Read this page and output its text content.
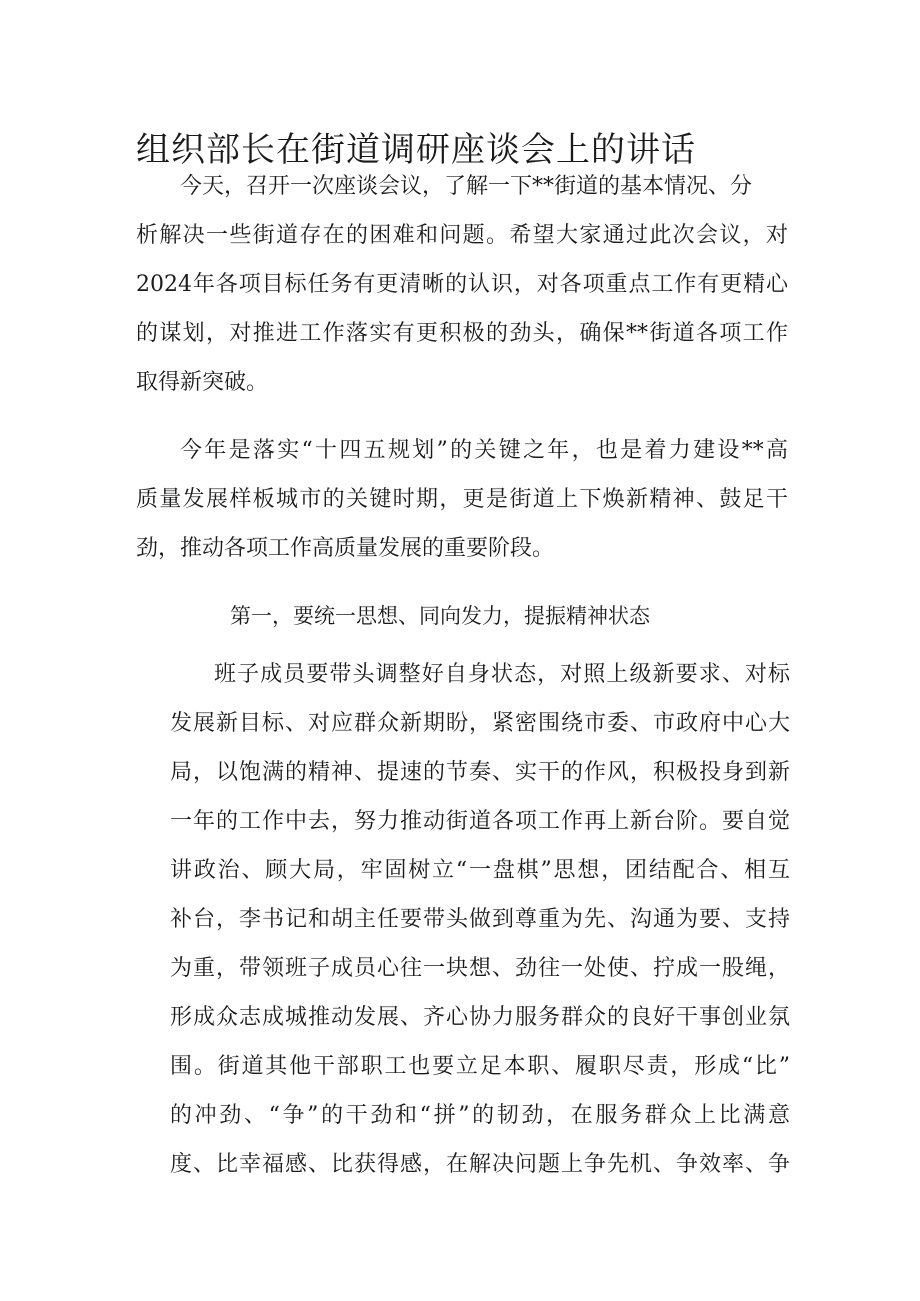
组织部长在街道调研座谈会上的讲话

今天，召开一次座谈会议，了解一下**街道的基本情况、分

析解决一些街道存在的困难和问题。希望大家通过此次会议，对

2024年各项目标任务有更清晰的认识，对各项重点工作有更精心

的谋划，对推进工作落实有更积极的劲头，确保**街道各项工作

取得新突破。

今年是落实“十四五规划”的关键之年，也是着力建设**高

质量发展样板城市的关键时期，更是街道上下焕新精神、鼓足干

劲，推动各项工作高质量发展的重要阶段。

第一，要统一思想、同向发力，提振精神状态

班子成员要带头调整好自身状态，对照上级新要求、对标

发展新目标、对应群众新期盼，紧密围绕市委、市政府中心大

局，以饱满的精神、提速的节奏、实干的作风，积极投身到新

一年的工作中去，努力推动街道各项工作再上新台阶。要自觉

讲政治、顾大局，牢固树立“一盘棋”思想，团结配合、相互

补台，李书记和胡主任要带头做到尊重为先、沟通为要、支持

为重，带领班子成员心往一块想、劲往一处使、拧成一股绳，

形成众志成城推动发展、齐心协力服务群众的良好干事创业氛

围。街道其他干部职工也要立足本职、履职尽责，形成“比”

的冲劲、“争”的干劲和“拼”的韧劲，在服务群众上比满意

度、比幸福感、比获得感，在解决问题上争先机、争效率、争
